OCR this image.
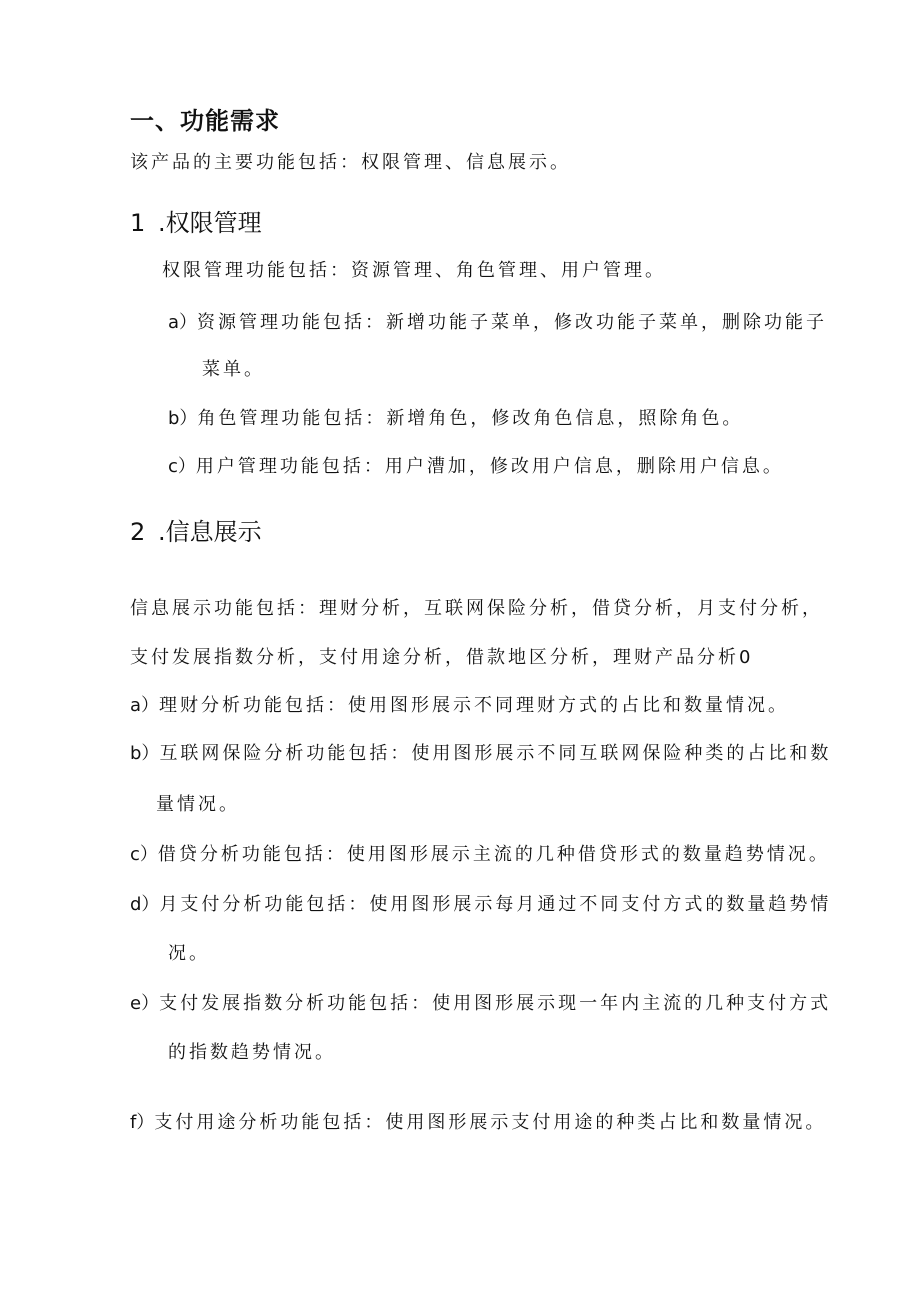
一、功能需求
该产品的主要功能包括：权限管理、信息展示。
1 .权限管理
权限管理功能包括：资源管理、角色管理、用户管理。
a）资源管理功能包括：新增功能子菜单，修改功能子菜单，删除功能子
菜单。
b）角色管理功能包括：新增角色，修改角色信息，照除角色。
c）用户管理功能包括：用户漕加，修改用户信息，删除用户信息。
2 .信息展示
信息展示功能包括：理财分析，互联网保险分析，借贷分析，月支付分析，
支付发展指数分析，支付用途分析，借款地区分析，理财产品分析0
a）理财分析功能包括：使用图形展示不同理财方式的占比和数量情况。
b）互联网保险分析功能包括：使用图形展示不同互联网保险种类的占比和数
量情况。
c）借贷分析功能包括：使用图形展示主流的几种借贷形式的数量趋势情况。
d）月支付分析功能包括：使用图形展示每月通过不同支付方式的数量趋势情
况。
e）支付发展指数分析功能包括：使用图形展示现一年内主流的几种支付方式
的指数趋势情况。
f）支付用途分析功能包括：使用图形展示支付用途的种类占比和数量情况。
